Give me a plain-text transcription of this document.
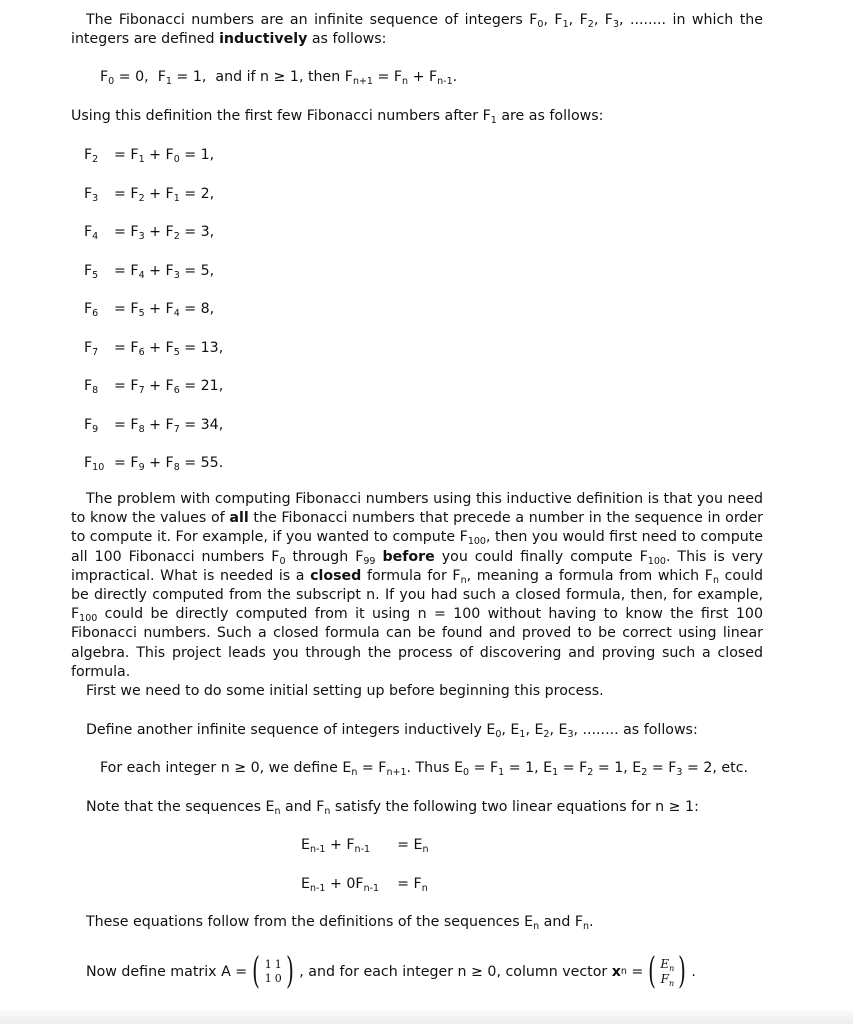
The Fibonacci numbers are an infinite sequence of integers $F_0$, $F_1$, $F_2$, $F_3$, ........ in which the integers are defined inductively as follows:

$F_0 = 0$,  $F_1 = 1$, and if n ≥ 1, then $F_{n+1} = F_n + F_{n-1}$.

Using this definition the first few Fibonacci numbers after $F_1$ are as follows:

$F_2 = F_1 + F_0 = 1$,
$F_3 = F_2 + F_1 = 2$,
$F_4 = F_3 + F_2 = 3$,
$F_5 = F_4 + F_3 = 5$,
$F_6 = F_5 + F_4 = 8$,
$F_7 = F_6 + F_5 = 13$,
$F_8 = F_7 + F_6 = 21$,
$F_9 = F_8 + F_7 = 34$,
$F_{10} = F_9 + F_8 = 55$.

The problem with computing Fibonacci numbers using this inductive definition is that you need to know the values of all the Fibonacci numbers that precede a number in the sequence in order to compute it. For example, if you wanted to compute $F_{100}$, then you would first need to compute all 100 Fibonacci numbers $F_0$ through $F_{99}$ before you could finally compute $F_{100}$. This is very impractical. What is needed is a closed formula for $F_n$, meaning a formula from which $F_n$ could be directly computed from the subscript n. If you had such a closed formula, then, for example, $F_{100}$ could be directly computed from it using n = 100 without having to know the first 100 Fibonacci numbers. Such a closed formula can be found and proved to be correct using linear algebra. This project leads you through the process of discovering and proving such a closed formula.

First we need to do some initial setting up before beginning this process.

Define another infinite sequence of integers inductively $E_0$, $E_1$, $E_2$, $E_3$, ........ as follows:

For each integer n ≥ 0, we define $E_n = F_{n+1}$. Thus $E_0 = F_1 = 1$, $E_1 = F_2 = 1$, $E_2 = F_3 = 2$, etc.

Note that the sequences $E_n$ and $F_n$ satisfy the following two linear equations for n ≥ 1:

$E_{n-1} + F_{n-1}$      = $E_n$

$E_{n-1} + 0F_{n-1}$    = $F_n$

These equations follow from the definitions of the sequences $E_n$ and $F_n$.

Now define matrix A = ( 1 1
1 0 ) , and for each integer n ≥ 0, column vector
x n = ( $E_n$
$F_n$ ) .
